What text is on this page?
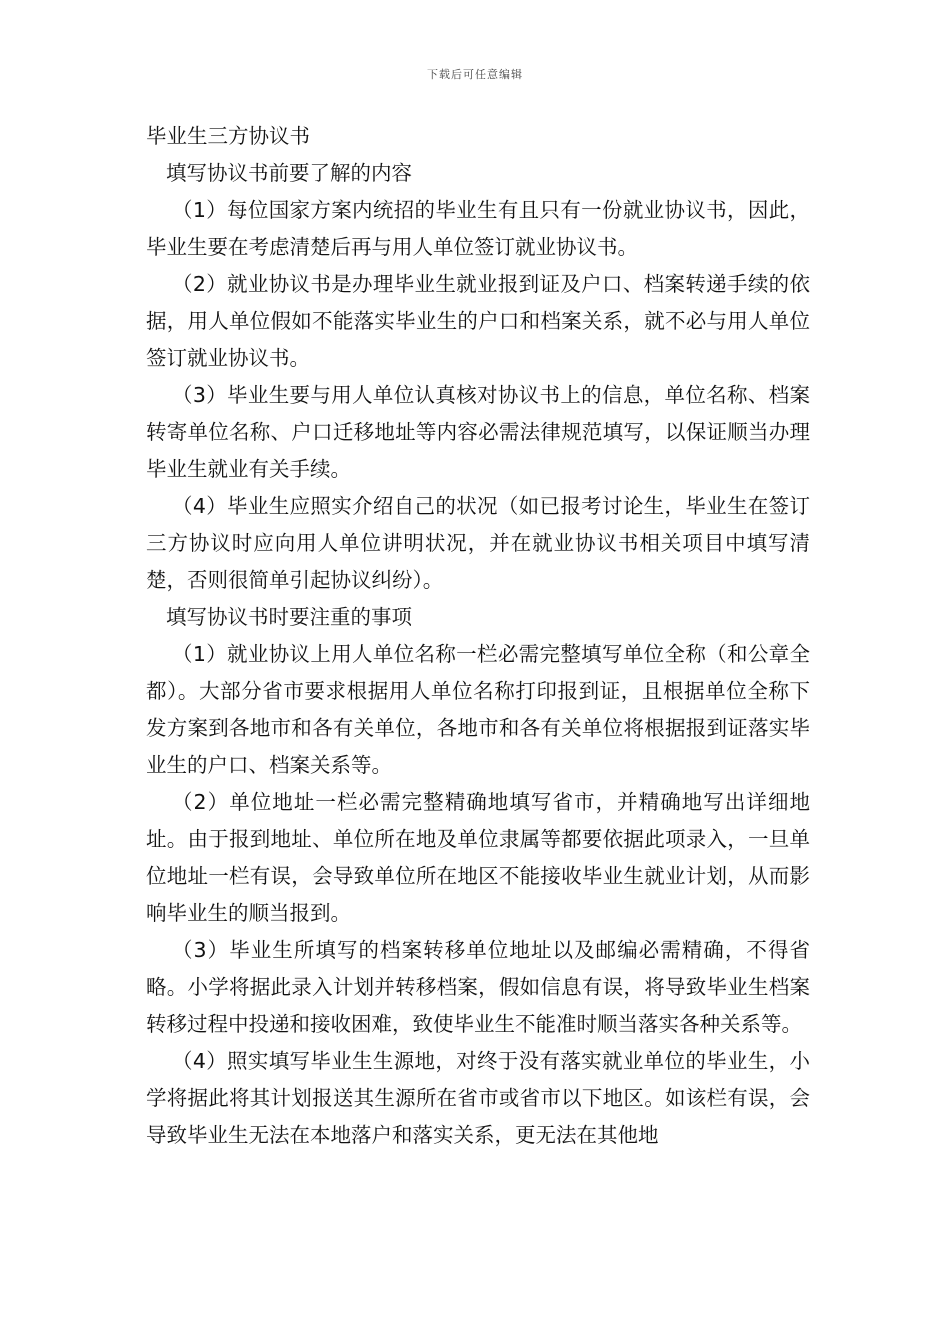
下载后可任意编辑
毕业生三方协议书
填写协议书前要了解的内容

（1）每位国家方案内统招的毕业生有且只有一份就业协议书，因此，毕业生要在考虑清楚后再与用人单位签订就业协议书。

（2）就业协议书是办理毕业生就业报到证及户口、档案转递手续的依据，用人单位假如不能落实毕业生的户口和档案关系，就不必与用人单位签订就业协议书。

（3）毕业生要与用人单位认真核对协议书上的信息，单位名称、档案转寄单位名称、户口迁移地址等内容必需法律规范填写，以保证顺当办理毕业生就业有关手续。

（4）毕业生应照实介绍自己的状况（如已报考讨论生，毕业生在签订三方协议时应向用人单位讲明状况，并在就业协议书相关项目中填写清楚，否则很简单引起协议纠纷）。

填写协议书时要注重的事项

（1）就业协议上用人单位名称一栏必需完整填写单位全称（和公章全都）。大部分省市要求根据用人单位名称打印报到证，且根据单位全称下发方案到各地市和各有关单位，各地市和各有关单位将根据报到证落实毕业生的户口、档案关系等。

（2）单位地址一栏必需完整精确地填写省市，并精确地写出详细地址。由于报到地址、单位所在地及单位隶属等都要依据此项录入，一旦单位地址一栏有误，会导致单位所在地区不能接收毕业生就业计划，从而影响毕业生的顺当报到。

（3）毕业生所填写的档案转移单位地址以及邮编必需精确，不得省略。小学将据此录入计划并转移档案，假如信息有误，将导致毕业生档案转移过程中投递和接收困难，致使毕业生不能准时顺当落实各种关系等。

（4）照实填写毕业生生源地，对终于没有落实就业单位的毕业生，小学将据此将其计划报送其生源所在省市或省市以下地区。如该栏有误，会导致毕业生无法在本地落户和落实关系，更无法在其他地
